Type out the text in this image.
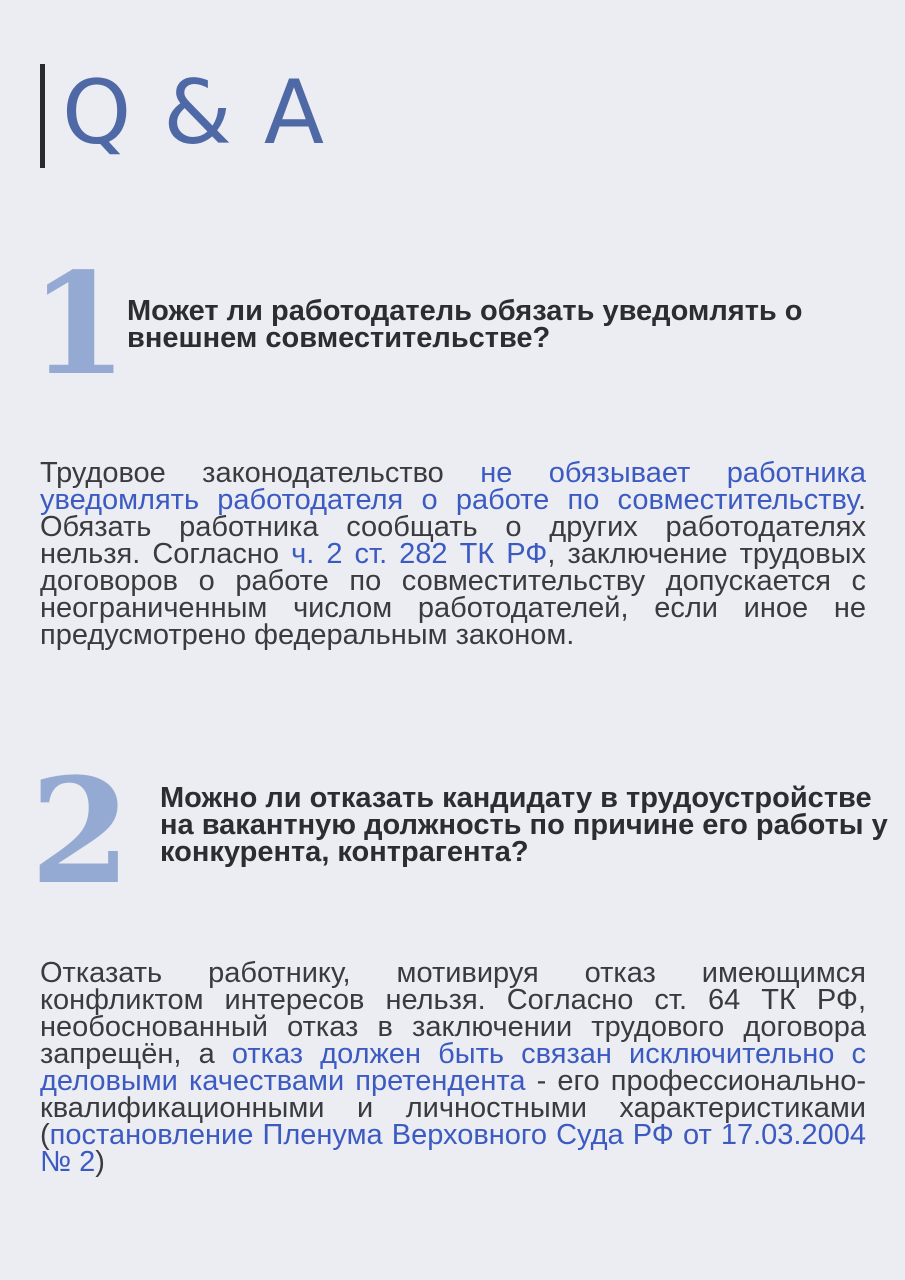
Q & A
1 Может ли работодатель обязать уведомлять о внешнем совместительстве?

Трудовое законодательство не обязывает работника уведомлять работодателя о работе по совместительству. Обязать работника сообщать о других работодателях нельзя. Согласно ч. 2 ст. 282 ТК РФ, заключение трудовых договоров о работе по совместительству допускается с неограниченным числом работодателей, если иное не предусмотрено федеральным законом.

2 Можно ли отказать кандидату в трудоустройстве на вакантную должность по причине его работы у конкурента, контрагента?

Отказать работнику, мотивируя отказ имеющимся конфликтом интересов нельзя. Согласно ст. 64 ТК РФ, необоснованный отказ в заключении трудового договора запрещён, а отказ должен быть связан исключительно с деловыми качествами претендента - его профессионально-квалификационными и личностными характеристиками (постановление Пленума Верховного Суда РФ от 17.03.2004 № 2)
